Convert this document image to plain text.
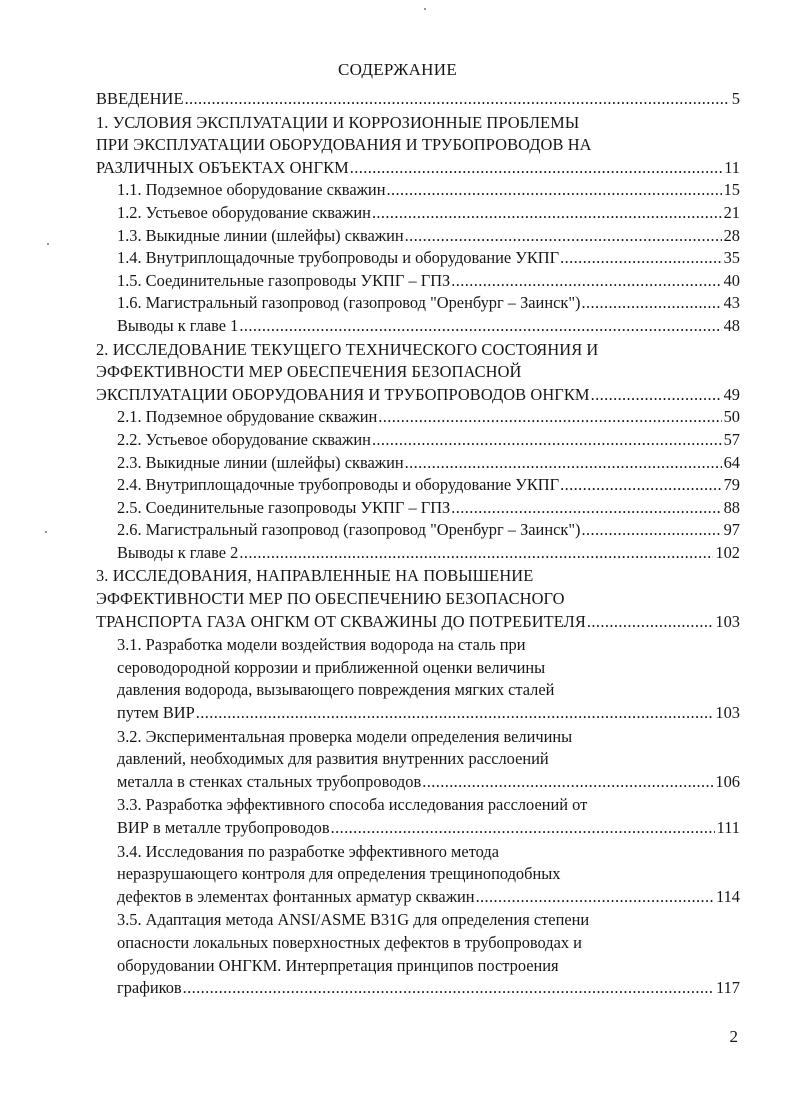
СОДЕРЖАНИЕ
ВВЕДЕНИЕ .....	5
1. УСЛОВИЯ ЭКСПЛУАТАЦИИ И КОРРОЗИОННЫЕ ПРОБЛЕМЫ
ПРИ ЭКСПЛУАТАЦИИ ОБОРУДОВАНИЯ И ТРУБОПРОВОДОВ НА
РАЗЛИЧНЫХ ОБЪЕКТАХ ОНГКМ .....	11
1.1. Подземное оборудование скважин .....	15
1.2. Устьевое оборудование скважин .....	21
1.3. Выкидные линии (шлейфы) скважин .....	28
1.4. Внутриплощадочные трубопроводы и оборудование УКПГ .....	35
1.5. Соединительные газопроводы УКПГ – ГПЗ .....	40
1.6. Магистральный газопровод (газопровод "Оренбург – Заинск") .....	43
Выводы к главе 1 .....	48
2. ИССЛЕДОВАНИЕ ТЕКУЩЕГО ТЕХНИЧЕСКОГО СОСТОЯНИЯ И
ЭФФЕКТИВНОСТИ МЕР ОБЕСПЕЧЕНИЯ БЕЗОПАСНОЙ
ЭКСПЛУАТАЦИИ ОБОРУДОВАНИЯ И ТРУБОПРОВОДОВ ОНГКМ .....	49
2.1. Подземное обрудование скважин .....	50
2.2. Устьевое оборудование скважин .....	57
2.3. Выкидные линии (шлейфы) скважин .....	64
2.4. Внутриплощадочные трубопроводы и оборудование УКПГ .....	79
2.5. Соединительные газопроводы УКПГ – ГПЗ .....	88
2.6. Магистральный газопровод (газопровод "Оренбург – Заинск") .....	97
Выводы к главе 2 .....	102
3. ИССЛЕДОВАНИЯ, НАПРАВЛЕННЫЕ НА ПОВЫШЕНИЕ
ЭФФЕКТИВНОСТИ МЕР ПО ОБЕСПЕЧЕНИЮ БЕЗОПАСНОГО
ТРАНСПОРТА ГАЗА ОНГКМ ОТ СКВАЖИНЫ ДО ПОТРЕБИТЕЛЯ .....	103
3.1. Разработка модели воздействия водорода на сталь при
сероводородной коррозии и приближенной оценки величины
давления водорода, вызывающего повреждения мягких сталей
путем ВИР .....	103
3.2. Экспериментальная проверка модели определения величины
давлений, необходимых для развития внутренних расслоений
металла в стенках стальных трубопроводов .....	106
3.3. Разработка эффективного способа исследования расслоений от
ВИР в металле трубопроводов .....	111
3.4. Исследования по разработке эффективного метода
неразрушающего контроля для определения трещиноподобных
дефектов в элементах фонтанных арматур скважин .....	114
3.5. Адаптация метода ANSI/ASME B31G для определения степени
опасности локальных поверхностных дефектов в трубопроводах и
оборудовании ОНГКМ. Интерпретация принципов построения
графиков .....	117
2
